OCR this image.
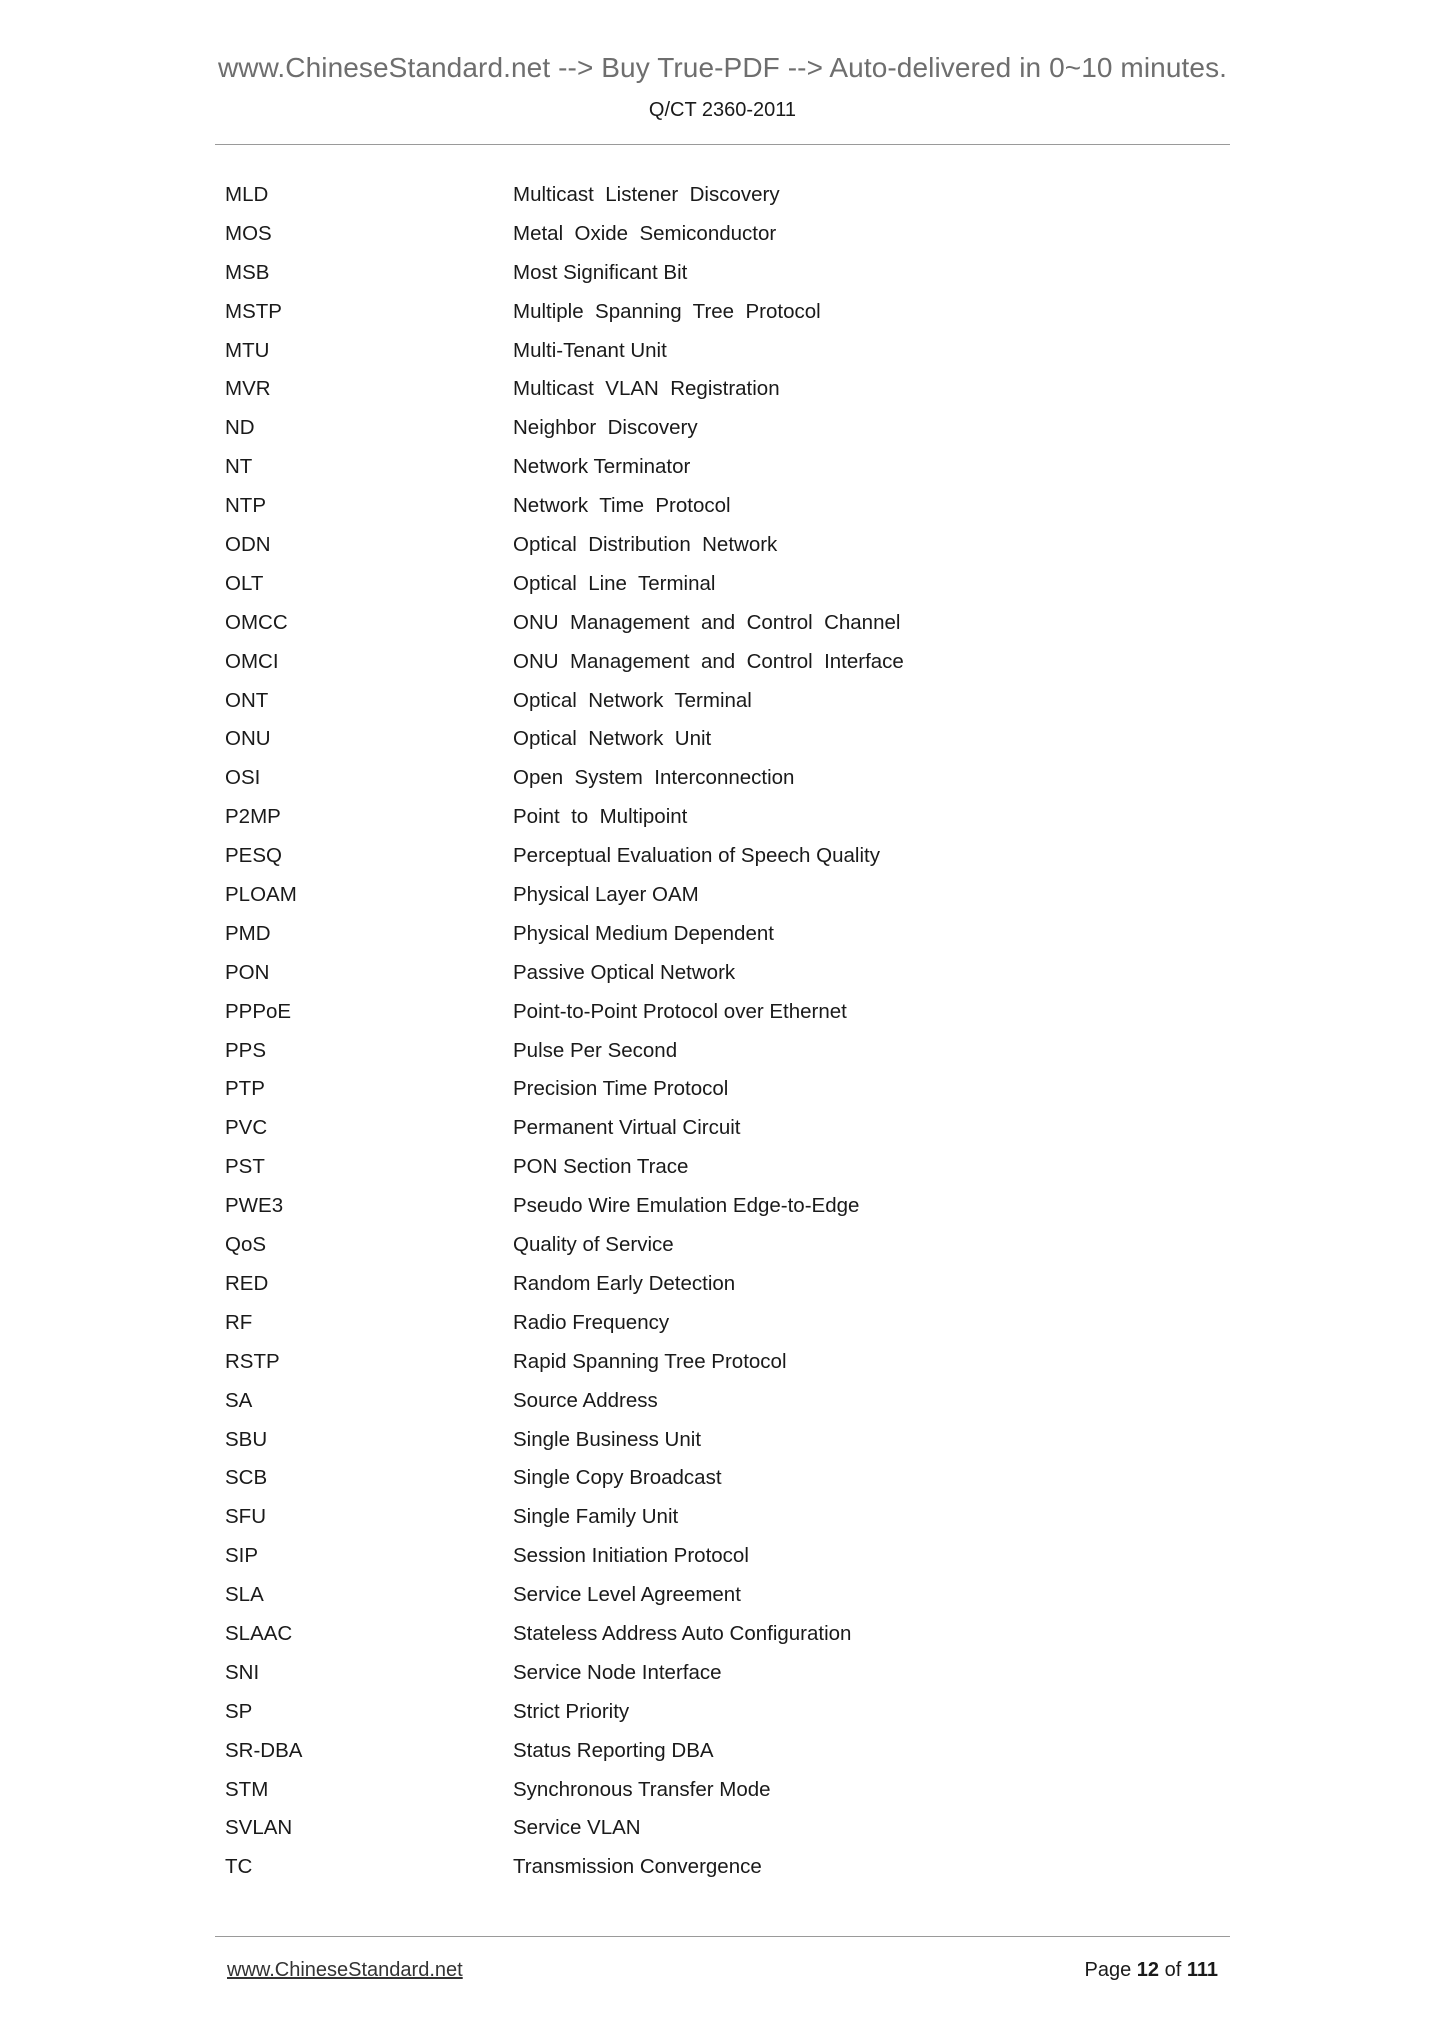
www.ChineseStandard.net --> Buy True-PDF --> Auto-delivered in 0~10 minutes.
Q/CT 2360-2011
MLD	Multicast  Listener  Discovery
MOS	Metal  Oxide  Semiconductor
MSB	Most Significant Bit
MSTP	Multiple  Spanning  Tree  Protocol
MTU	Multi-Tenant Unit
MVR	Multicast  VLAN  Registration
ND	Neighbor  Discovery
NT	Network Terminator
NTP	Network  Time  Protocol
ODN	Optical  Distribution  Network
OLT	Optical  Line  Terminal
OMCC	ONU  Management  and  Control  Channel
OMCI	ONU  Management  and  Control  Interface
ONT	Optical  Network  Terminal
ONU	Optical  Network  Unit
OSI	Open  System  Interconnection
P2MP	Point  to  Multipoint
PESQ	Perceptual Evaluation of Speech Quality
PLOAM	Physical Layer OAM
PMD	Physical Medium Dependent
PON	Passive Optical Network
PPPoE	Point-to-Point Protocol over Ethernet
PPS	Pulse Per Second
PTP	Precision Time Protocol
PVC	Permanent Virtual Circuit
PST	PON Section Trace
PWE3	Pseudo Wire Emulation Edge-to-Edge
QoS	Quality of Service
RED	Random Early Detection
RF	Radio Frequency
RSTP	Rapid Spanning Tree Protocol
SA	Source Address
SBU	Single Business Unit
SCB	Single Copy Broadcast
SFU	Single Family Unit
SIP	Session Initiation Protocol
SLA	Service Level Agreement
SLAAC	Stateless Address Auto Configuration
SNI	Service Node Interface
SP	Strict Priority
SR-DBA	Status Reporting DBA
STM	Synchronous Transfer Mode
SVLAN	Service VLAN
TC	Transmission Convergence
www.ChineseStandard.net	Page 12 of 111
